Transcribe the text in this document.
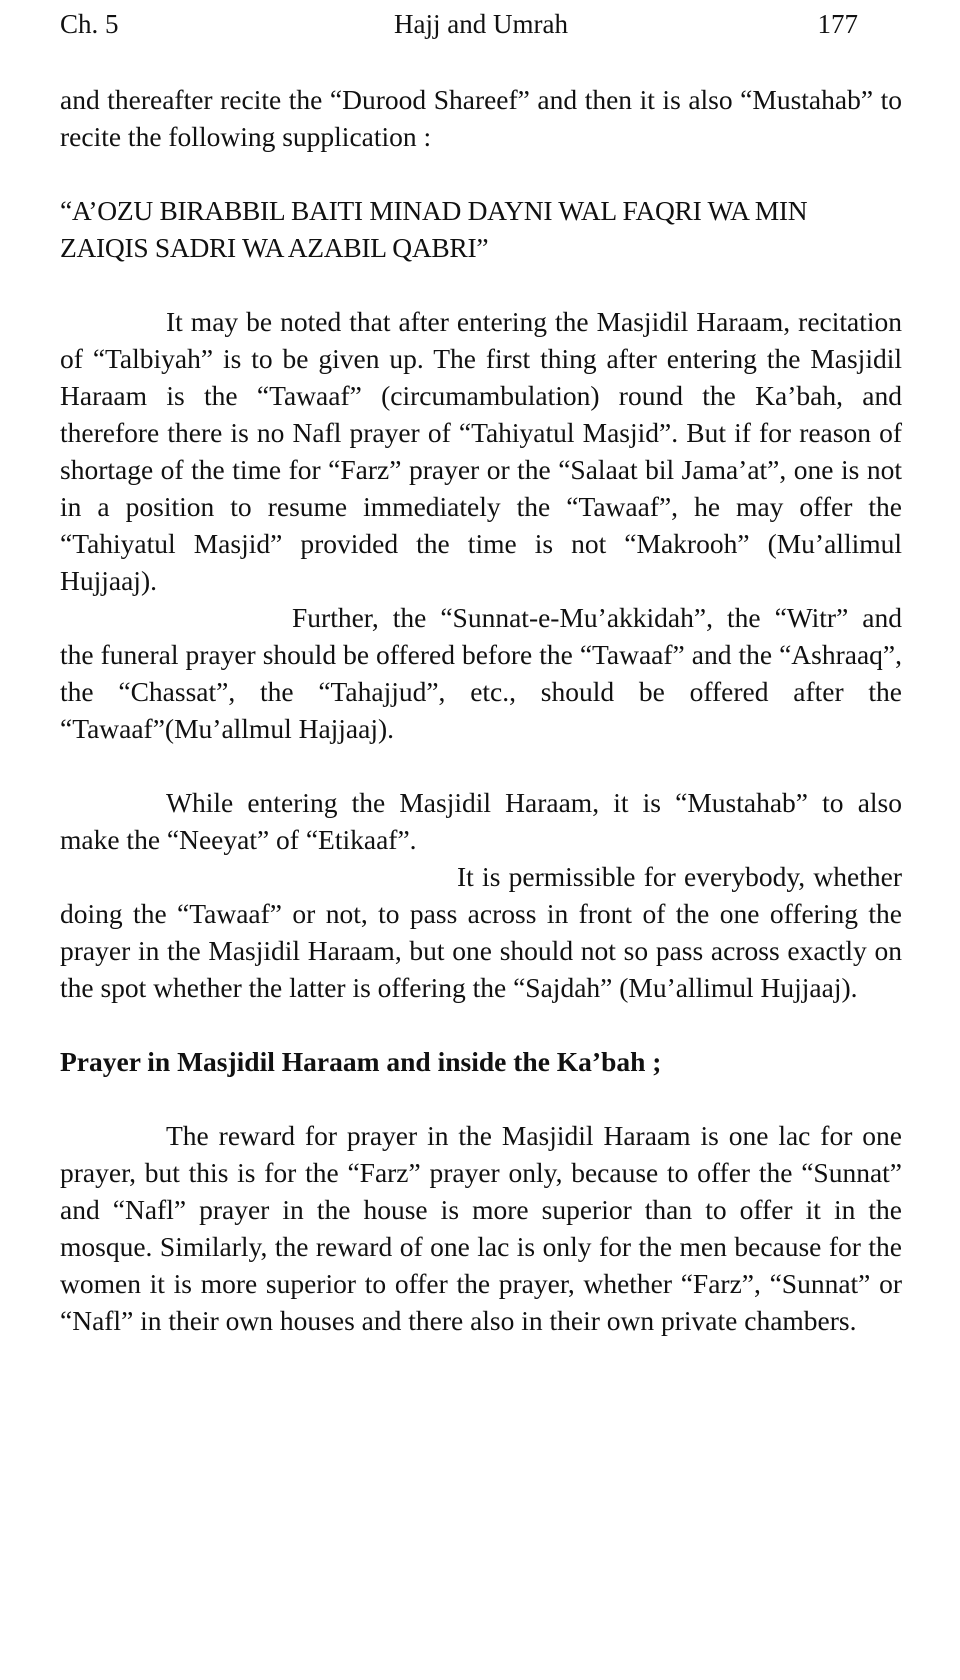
Ch. 5	Hajj and Umrah	177

and thereafter recite the “Durood Shareef” and then it is also “Mustahab” to recite the following supplication :

“A’OZU BIRABBIL BAITI MINAD DAYNI WAL FAQRI WA MIN ZAIQIS SADRI WA AZABIL QABRI”

It may be noted that after entering the Masjidil Haraam, recitation of “Talbiyah” is to be given up. The first thing after entering the Masjidil Haraam is the “Tawaaf” (circumambulation) round the Ka’bah, and therefore there is no Nafl prayer of “Tahiyatul Masjid”. But if for reason of shortage of the time for “Farz” prayer or the “Salaat bil Jama’at”, one is not in a position to resume immediately the “Tawaaf”, he may offer the “Tahiyatul Masjid” provided the time is not “Makrooh” (Mu’allimul Hujjaaj).

Further, the “Sunnat-e-Mu’akkidah”, the “Witr” and the funeral prayer should be offered before the “Tawaaf” and the “Ashraaq”, the “Chassat”, the “Tahajjud”, etc., should be offered after the “Tawaaf”(Mu’allmul Hajjaaj).

While entering the Masjidil Haraam, it is “Mustahab” to also make the “Neeyat” of “Etikaaf”.

It is permissible for everybody, whether doing the “Tawaaf” or not, to pass across in front of the one offering the prayer in the Masjidil Haraam, but one should not so pass across exactly on the spot whether the latter is offering the “Sajdah” (Mu’allimul Hujjaaj).

Prayer in Masjidil Haraam and inside the Ka’bah ;

The reward for prayer in the Masjidil Haraam is one lac for one prayer, but this is for the “Farz” prayer only, because to offer the “Sunnat” and “Nafl” prayer in the house is more superior than to offer it in the mosque. Similarly, the reward of one lac is only for the men because for the women it is more superior to offer the prayer, whether “Farz”, “Sunnat” or “Nafl” in their own houses and there also in their own private chambers.
